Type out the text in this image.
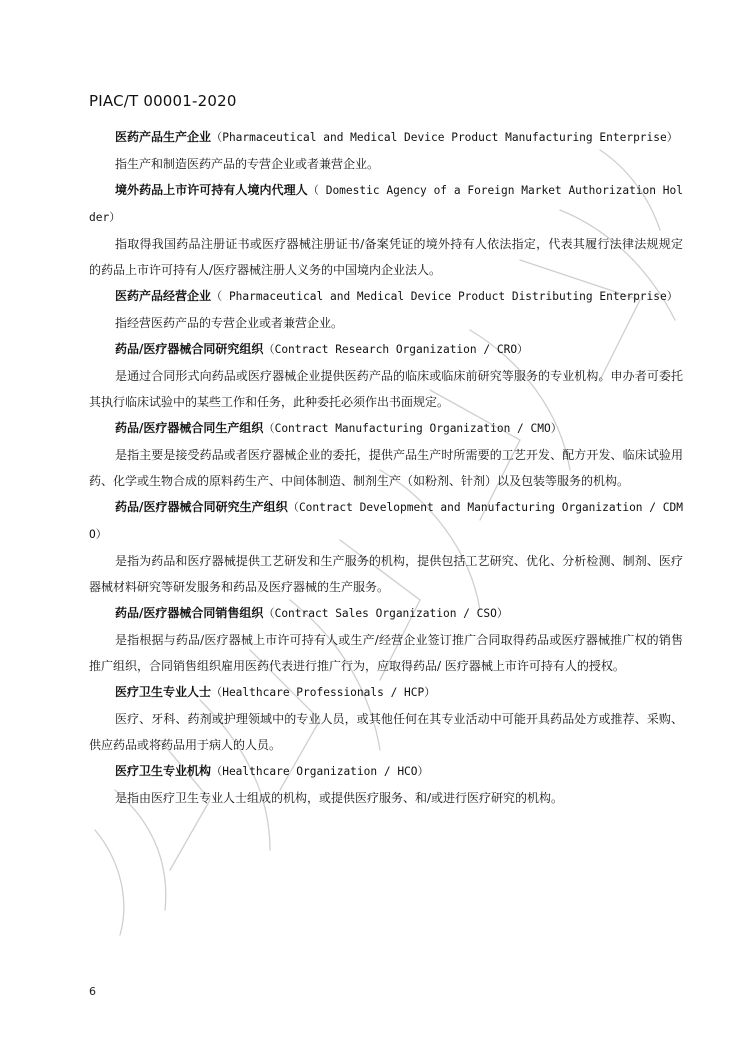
PIAC/T 00001-2020

医药产品生产企业（Pharmaceutical and Medical Device Product Manufacturing Enterprise）

指生产和制造医药产品的专营企业或者兼营企业。

境外药品上市许可持有人境内代理人（ Domestic Agency of a Foreign Market Authorization Holder）

指取得我国药品注册证书或医疗器械注册证书/备案凭证的境外持有人依法指定，代表其履行法律法规规定的药品上市许可持有人/医疗器械注册人义务的中国境内企业法人。

医药产品经营企业（ Pharmaceutical and Medical Device Product Distributing Enterprise）

指经营医药产品的专营企业或者兼营企业。

药品/医疗器械合同研究组织（Contract Research Organization / CRO）

是通过合同形式向药品或医疗器械企业提供医药产品的临床或临床前研究等服务的专业机构。申办者可委托其执行临床试验中的某些工作和任务，此种委托必须作出书面规定。

药品/医疗器械合同生产组织（Contract Manufacturing Organization / CMO）

是指主要是接受药品或者医疗器械企业的委托，提供产品生产时所需要的工艺开发、配方开发、临床试验用药、化学或生物合成的原料药生产、中间体制造、制剂生产（如粉剂、针剂）以及包装等服务的机构。

药品/医疗器械合同研究生产组织（Contract Development and Manufacturing Organization / CDMO）

是指为药品和医疗器械提供工艺研发和生产服务的机构，提供包括工艺研究、优化、分析检测、制剂、医疗器械材料研究等研发服务和药品及医疗器械的生产服务。

药品/医疗器械合同销售组织（Contract Sales Organization / CSO）

是指根据与药品/医疗器械上市许可持有人或生产/经营企业签订推广合同取得药品或医疗器械推广权的销售推广组织，合同销售组织雇用医药代表进行推广行为，应取得药品/ 医疗器械上市许可持有人的授权。

医疗卫生专业人士（Healthcare Professionals / HCP）

医疗、牙科、药剂或护理领域中的专业人员，或其他任何在其专业活动中可能开具药品处方或推荐、采购、供应药品或将药品用于病人的人员。

医疗卫生专业机构（Healthcare Organization / HCO）

是指由医疗卫生专业人士组成的机构，或提供医疗服务、和/或进行医疗研究的机构。

6
